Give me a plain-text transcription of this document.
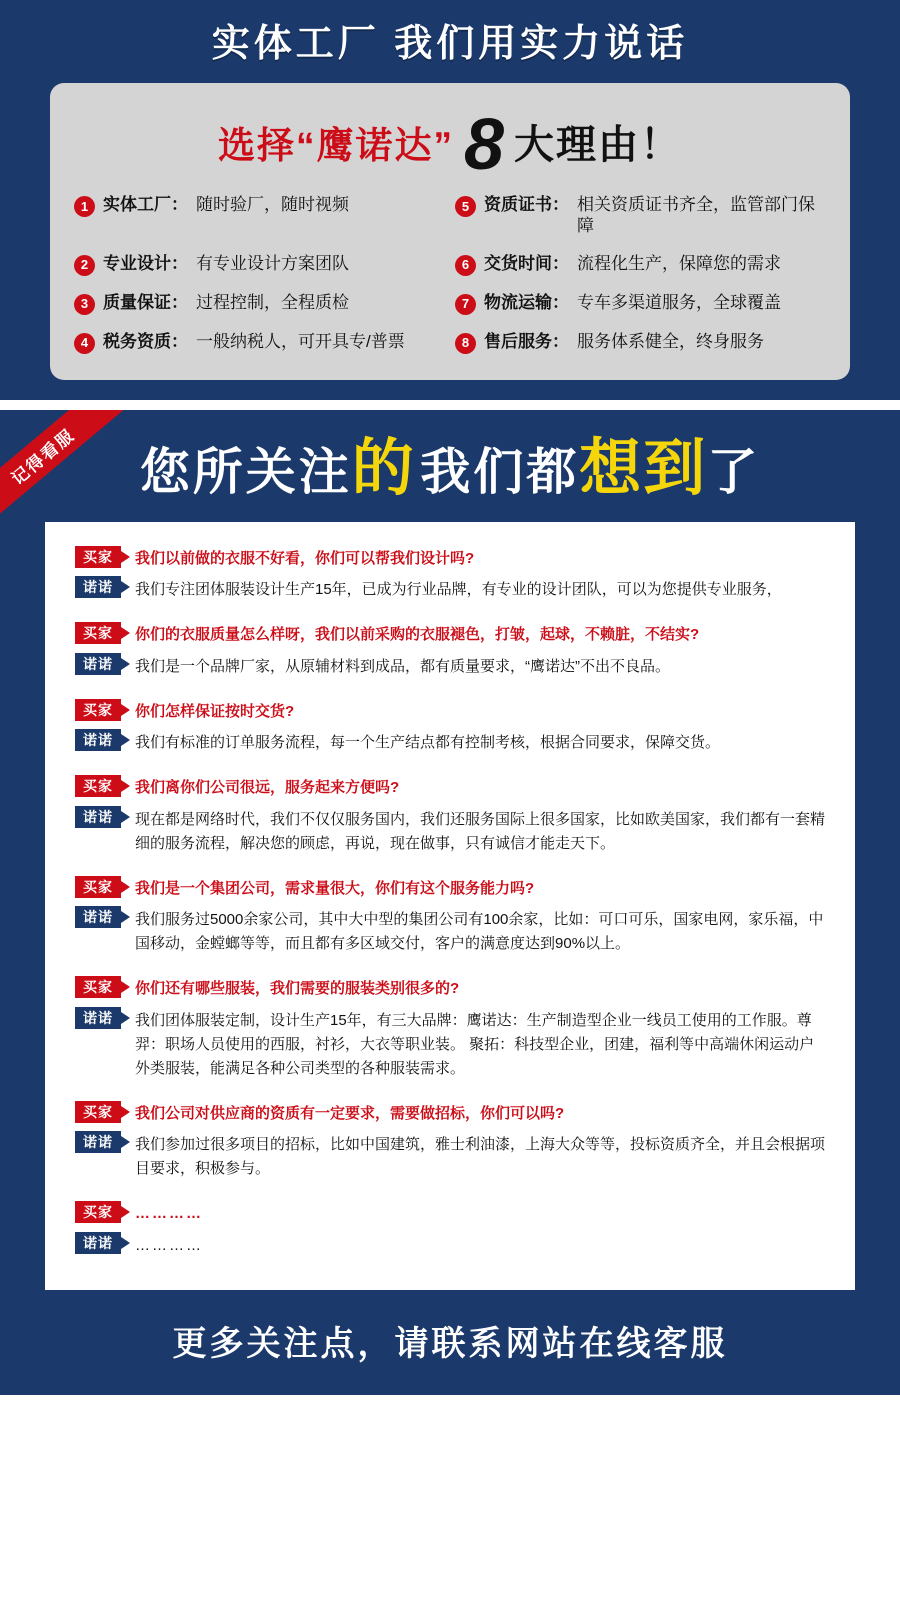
实体工厂 我们用实力说话
选择“鹰诺达” 8 大理由！
1 实体工厂： 随时验厂，随时视频	5 资质证书： 相关资质证书齐全，监管部门保障
2 专业设计： 有专业设计方案团队	6 交货时间： 流程化生产，保障您的需求
3 质量保证： 过程控制，全程质检	7 物流运输： 专车多渠道服务，全球覆盖
4 税务资质： 一般纳税人，可开具专/普票	8 售后服务： 服务体系健全，终身服务
记得看服	您所关注的 我们都想到了
买家	我们以前做的衣服不好看，你们可以帮我们设计吗?
诺诺	我们专注团体服装设计生产15年，已成为行业品牌，有专业的设计团队，可以为您提供专业服务，
买家	你们的衣服质量怎么样呀，我们以前采购的衣服褪色，打皱，起球，不赖脏，不结实?
诺诺	我们是一个品牌厂家，从原辅材料到成品，都有质量要求，“鹰诺达”不出不良品。
买家	你们怎样保证按时交货?
诺诺	我们有标准的订单服务流程，每一个生产结点都有控制考核，根据合同要求，保障交货。
买家	我们离你们公司很远，服务起来方便吗?
诺诺	现在都是网络时代，我们不仅仅服务国内，我们还服务国际上很多国家，比如欧美国家，我们都有一套精细的服务流程，解决您的顾虑，再说，现在做事，只有诚信才能走天下。
买家	我们是一个集团公司，需求量很大，你们有这个服务能力吗?
诺诺	我们服务过5000余家公司，其中大中型的集团公司有100余家，比如：可口可乐，国家电网，家乐福，中国移动，金螳螂等等，而且都有多区域交付，客户的满意度达到90%以上。
买家	你们还有哪些服装，我们需要的服装类别很多的?
诺诺	我们团体服装定制，设计生产15年，有三大品牌：鹰诺达：生产制造型企业一线员工使用的工作服。尊羿：职场人员使用的西服，衬衫，大衣等职业装。 聚拓：科技型企业，团建，福利等中高端休闲运动户外类服装，能满足各种公司类型的各种服装需求。
买家	我们公司对供应商的资质有一定要求，需要做招标，你们可以吗?
诺诺	我们参加过很多项目的招标，比如中国建筑，雅士利油漆，上海大众等等，投标资质齐全，并且会根据项目要求，积极参与。
买家	…………
诺诺	…………
更多关注点，请联系网站在线客服
